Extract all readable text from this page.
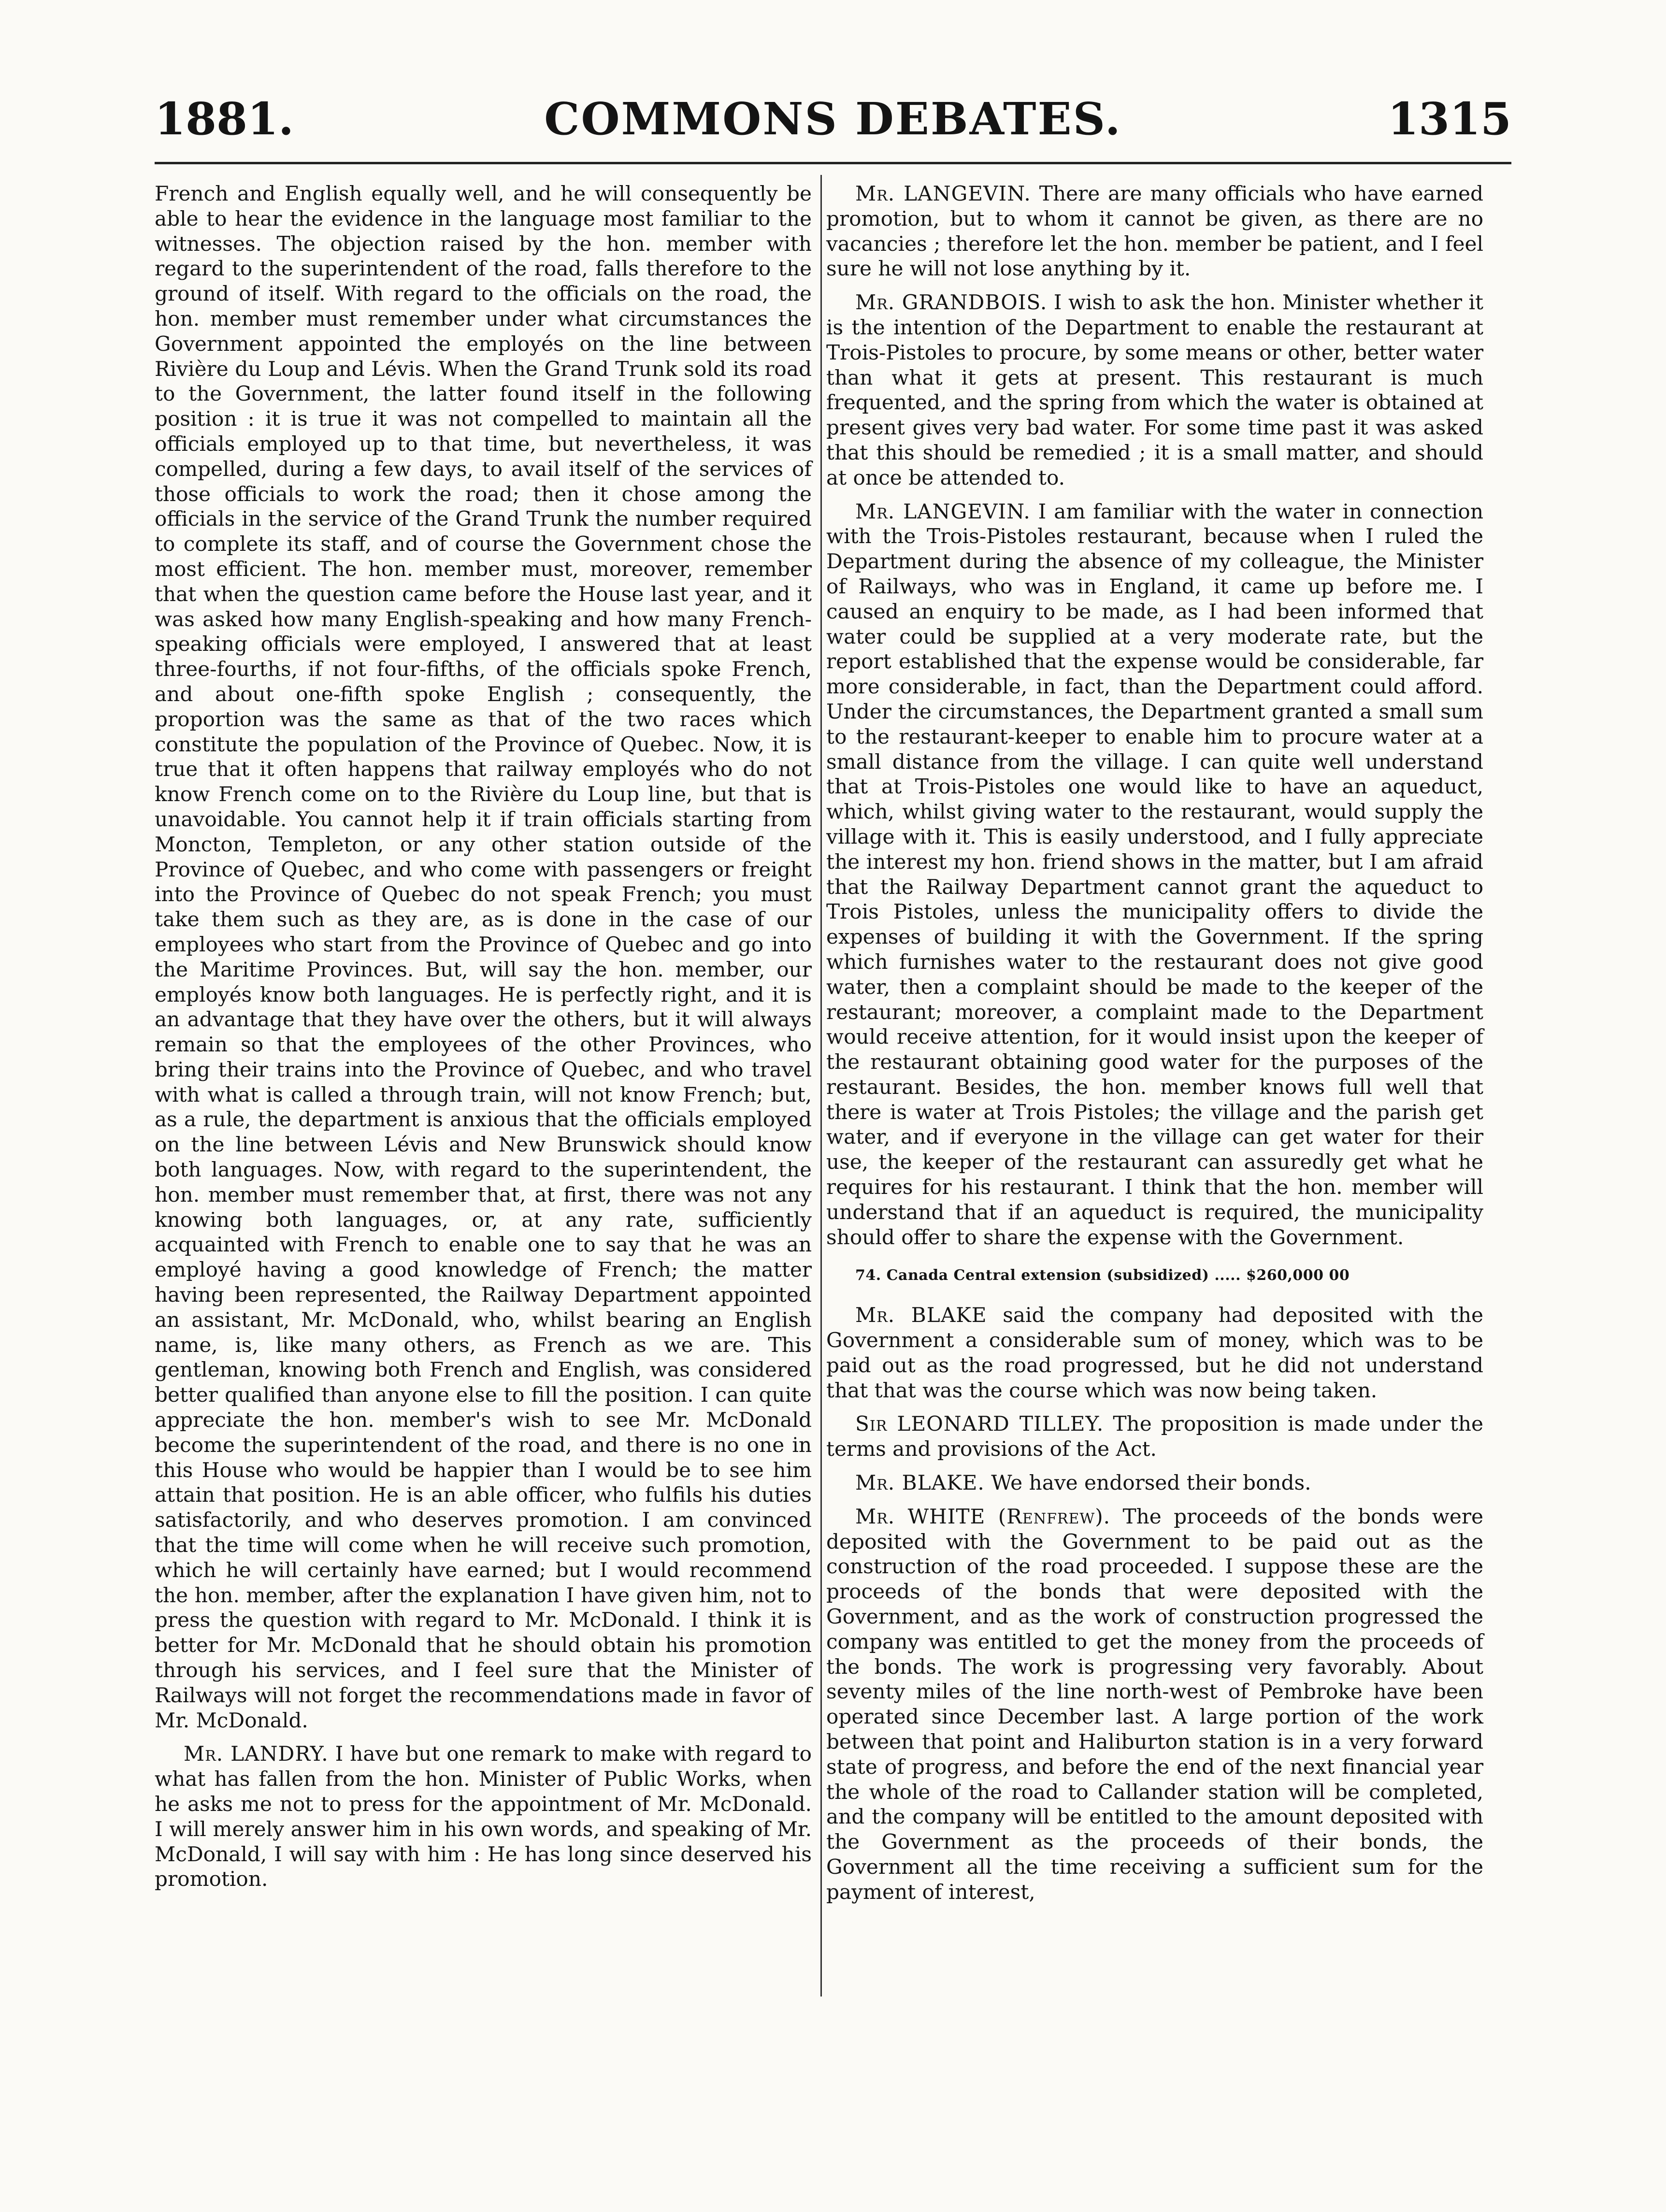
1881.	COMMONS DEBATES.	1315

French and English equally well, and he will consequently be able to hear the evidence in the language most familiar to the witnesses. The objection raised by the hon. member with regard to the superintendent of the road, falls therefore to the ground of itself. With regard to the officials on the road, the hon. member must remember under what circumstances the Government appointed the employés on the line between Rivière du Loup and Lévis. When the Grand Trunk sold its road to the Government, the latter found itself in the following position : it is true it was not compelled to maintain all the officials employed up to that time, but nevertheless, it was compelled, during a few days, to avail itself of the services of those officials to work the road; then it chose among the officials in the service of the Grand Trunk the number required to complete its staff, and of course the Government chose the most efficient. The hon. member must, moreover, remember that when the question came before the House last year, and it was asked how many English-speaking and how many French-speaking officials were employed, I answered that at least three-fourths, if not four-fifths, of the officials spoke French, and about one-fifth spoke English ; consequently, the proportion was the same as that of the two races which constitute the population of the Province of Quebec. Now, it is true that it often happens that railway employés who do not know French come on to the Rivière du Loup line, but that is unavoidable. You cannot help it if train officials starting from Moncton, Templeton, or any other station outside of the Province of Quebec, and who come with passengers or freight into the Province of Quebec do not speak French; you must take them such as they are, as is done in the case of our employees who start from the Province of Quebec and go into the Maritime Provinces. But, will say the hon. member, our employés know both languages. He is perfectly right, and it is an advantage that they have over the others, but it will always remain so that the employees of the other Provinces, who bring their trains into the Province of Quebec, and who travel with what is called a through train, will not know French; but, as a rule, the department is anxious that the officials employed on the line between Lévis and New Brunswick should know both languages. Now, with regard to the superintendent, the hon. member must remember that, at first, there was not any knowing both languages, or, at any rate, sufficiently acquainted with French to enable one to say that he was an employé having a good knowledge of French; the matter having been represented, the Railway Department appointed an assistant, Mr. McDonald, who, whilst bearing an English name, is, like many others, as French as we are. This gentleman, knowing both French and English, was considered better qualified than anyone else to fill the position. I can quite appreciate the hon. member's wish to see Mr. McDonald become the superintendent of the road, and there is no one in this House who would be happier than I would be to see him attain that position. He is an able officer, who fulfils his duties satisfactorily, and who deserves promotion. I am convinced that the time will come when he will receive such promotion, which he will certainly have earned; but I would recommend the hon. member, after the explanation I have given him, not to press the question with regard to Mr. McDonald. I think it is better for Mr. McDonald that he should obtain his promotion through his services, and I feel sure that the Minister of Railways will not forget the recommendations made in favor of Mr. McDonald.

Mr. LANDRY. I have but one remark to make with regard to what has fallen from the hon. Minister of Public Works, when he asks me not to press for the appointment of Mr. McDonald. I will merely answer him in his own words, and speaking of Mr. McDonald, I will say with him : He has long since deserved his promotion.

Mr. LANGEVIN. There are many officials who have earned promotion, but to whom it cannot be given, as there are no vacancies ; therefore let the hon. member be patient, and I feel sure he will not lose anything by it.

Mr. GRANDBOIS. I wish to ask the hon. Minister whether it is the intention of the Department to enable the restaurant at Trois-Pistoles to procure, by some means or other, better water than what it gets at present. This restaurant is much frequented, and the spring from which the water is obtained at present gives very bad water. For some time past it was asked that this should be remedied ; it is a small matter, and should at once be attended to.

Mr. LANGEVIN. I am familiar with the water in connection with the Trois-Pistoles restaurant, because when I ruled the Department during the absence of my colleague, the Minister of Railways, who was in England, it came up before me. I caused an enquiry to be made, as I had been informed that water could be supplied at a very moderate rate, but the report established that the expense would be considerable, far more considerable, in fact, than the Department could afford. Under the circumstances, the Department granted a small sum to the restaurant-keeper to enable him to procure water at a small distance from the village. I can quite well understand that at Trois-Pistoles one would like to have an aqueduct, which, whilst giving water to the restaurant, would supply the village with it. This is easily understood, and I fully appreciate the interest my hon. friend shows in the matter, but I am afraid that the Railway Department cannot grant the aqueduct to Trois Pistoles, unless the municipality offers to divide the expenses of building it with the Government. If the spring which furnishes water to the restaurant does not give good water, then a complaint should be made to the keeper of the restaurant; moreover, a complaint made to the Department would receive attention, for it would insist upon the keeper of the restaurant obtaining good water for the purposes of the restaurant. Besides, the hon. member knows full well that there is water at Trois Pistoles; the village and the parish get water, and if everyone in the village can get water for their use, the keeper of the restaurant can assuredly get what he requires for his restaurant. I think that the hon. member will understand that if an aqueduct is required, the municipality should offer to share the expense with the Government.

74. Canada Central extension (subsidized) ..... $260,000 00

Mr. BLAKE said the company had deposited with the Government a considerable sum of money, which was to be paid out as the road progressed, but he did not understand that that was the course which was now being taken.

Sir LEONARD TILLEY. The proposition is made under the terms and provisions of the Act.

Mr. BLAKE. We have endorsed their bonds.

Mr. WHITE (Renfrew). The proceeds of the bonds were deposited with the Government to be paid out as the construction of the road proceeded. I suppose these are the proceeds of the bonds that were deposited with the Government, and as the work of construction progressed the company was entitled to get the money from the proceeds of the bonds. The work is progressing very favorably. About seventy miles of the line north-west of Pembroke have been operated since December last. A large portion of the work between that point and Haliburton station is in a very forward state of progress, and before the end of the next financial year the whole of the road to Callander station will be completed, and the company will be entitled to the amount deposited with the Government as the proceeds of their bonds, the Government all the time receiving a sufficient sum for the payment of interest,
